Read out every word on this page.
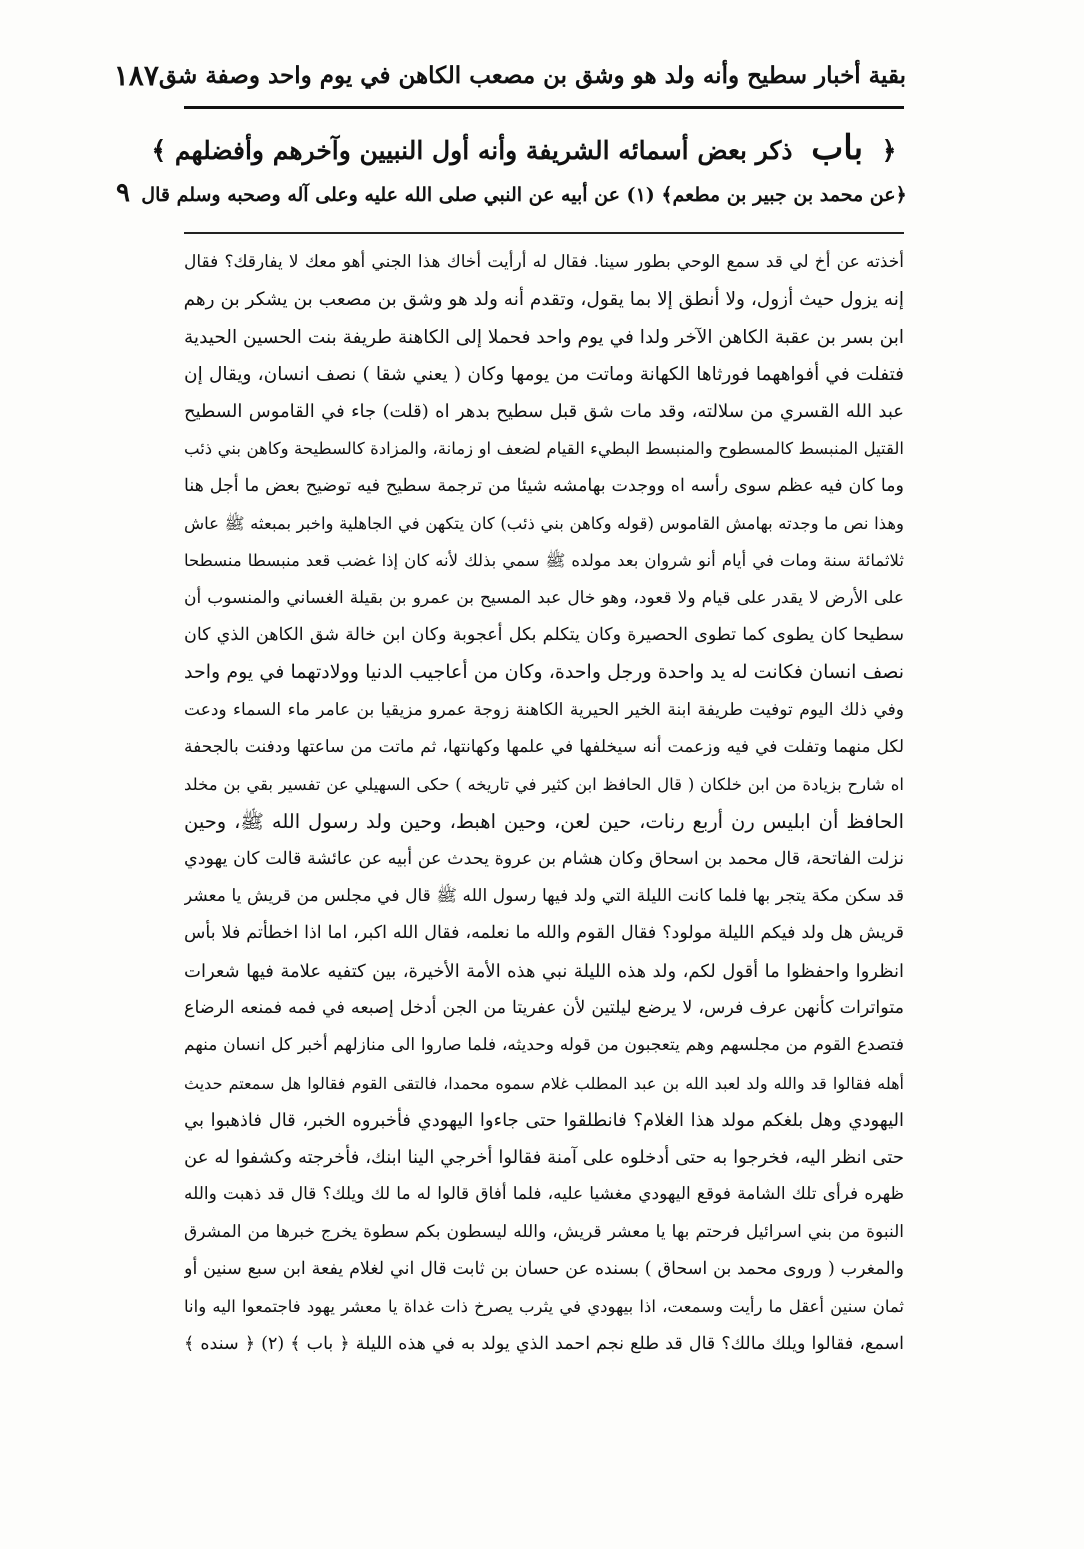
بقية أخبار سطيح وأنه ولد هو وشق بن مصعب الكاهن في يوم واحد وصفة شق
١٨٧
﴿ باب ذكر بعض أسمائه الشريفة وأنه أول النبيين وآخرهم وأفضلهم ﴾
﴿عن محمد بن جبير بن مطعم﴾ (١) عن أبيه عن النبي صلى الله عليه وعلى آله وصحبه وسلم قال
٩
أخذته عن أخ لي قد سمع الوحي بطور سينا. فقال له أرأيت أخاك هذا الجني أهو معك لا يفارقك؟ فقال
إنه يزول حيث أزول، ولا أنطق إلا بما يقول، وتقدم أنه ولد هو وشق بن مصعب بن يشكر بن رهم
ابن بسر بن عقبة الكاهن الآخر ولدا في يوم واحد فحملا إلى الكاهنة طريفة بنت الحسين الحيدية
فتفلت في أفواههما فورثاها الكهانة وماتت من يومها وكان ( يعني شقا ) نصف انسان، ويقال إن
عبد الله القسري من سلالته، وقد مات شق قبل سطيح بدهر اه (قلت) جاء في القاموس السطيح
القتيل المنبسط كالمسطوح والمنبسط البطيء القيام لضعف او زمانة، والمزادة كالسطيحة وكاهن بني ذئب
وما كان فيه عظم سوى رأسه اه ووجدت بهامشه شيئا من ترجمة سطيح فيه توضيح بعض ما أجل هنا
وهذا نص ما وجدته بهامش القاموس (قوله وكاهن بني ذئب) كان يتكهن في الجاهلية واخبر بمبعثه ﷺ عاش
ثلاثمائة سنة ومات في أيام أنو شروان بعد مولده ﷺ سمي بذلك لأنه كان إذا غضب قعد منبسطا منسطحا
على الأرض لا يقدر على قيام ولا قعود، وهو خال عبد المسيح بن عمرو بن بقيلة الغساني والمنسوب أن
سطيحا كان يطوى كما تطوى الحصيرة وكان يتكلم بكل أعجوبة وكان ابن خالة شق الكاهن الذي كان
نصف انسان فكانت له يد واحدة ورجل واحدة، وكان من أعاجيب الدنيا وولادتهما في يوم واحد
وفي ذلك اليوم توفيت طريفة ابنة الخير الحيرية الكاهنة زوجة عمرو مزيقيا بن عامر ماء السماء ودعت
لكل منهما وتفلت في فيه وزعمت أنه سيخلفها في علمها وكهانتها، ثم ماتت من ساعتها ودفنت بالجحفة
اه شارح بزيادة من ابن خلكان ( قال الحافظ ابن كثير في تاريخه ) حكى السهيلي عن تفسير بقي بن مخلد
الحافظ أن ابليس رن أربع رنات، حين لعن، وحين اهبط، وحين ولد رسول الله ﷺ، وحين
نزلت الفاتحة، قال محمد بن اسحاق وكان هشام بن عروة يحدث عن أبيه عن عائشة قالت كان يهودي
قد سكن مكة يتجر بها فلما كانت الليلة التي ولد فيها رسول الله ﷺ قال في مجلس من قريش يا معشر
قريش هل ولد فيكم الليلة مولود؟ فقال القوم والله ما نعلمه، فقال الله اكبر، اما اذا اخطأتم فلا بأس
انظروا واحفظوا ما أقول لكم، ولد هذه الليلة نبي هذه الأمة الأخيرة، بين كتفيه علامة فيها شعرات
متواترات كأنهن عرف فرس، لا يرضع ليلتين لأن عفريتا من الجن أدخل إصبعه في فمه فمنعه الرضاع
فتصدع القوم من مجلسهم وهم يتعجبون من قوله وحديثه، فلما صاروا الى منازلهم أخبر كل انسان منهم
أهله فقالوا قد والله ولد لعبد الله بن عبد المطلب غلام سموه محمدا، فالتقى القوم فقالوا هل سمعتم حديث
اليهودي وهل بلغكم مولد هذا الغلام؟ فانطلقوا حتى جاءوا اليهودي فأخبروه الخبر، قال فاذهبوا بي
حتى انظر اليه، فخرجوا به حتى أدخلوه على آمنة فقالوا أخرجي الينا ابنك، فأخرجته وكشفوا له عن
ظهره فرأى تلك الشامة فوقع اليهودي مغشيا عليه، فلما أفاق قالوا له ما لك ويلك؟ قال قد ذهبت والله
النبوة من بني اسرائيل فرحتم بها يا معشر قريش، والله ليسطون بكم سطوة يخرج خبرها من المشرق
والمغرب ( وروى محمد بن اسحاق ) بسنده عن حسان بن ثابت قال اني لغلام يفعة ابن سبع سنين أو
ثمان سنين أعقل ما رأيت وسمعت، اذا بيهودي في يثرب يصرخ ذات غداة يا معشر يهود فاجتمعوا اليه وانا
اسمع، فقالوا ويلك مالك؟ قال قد طلع نجم احمد الذي يولد به في هذه الليلة ﴿ باب ﴾ (٢) ﴿ سنده ﴾
